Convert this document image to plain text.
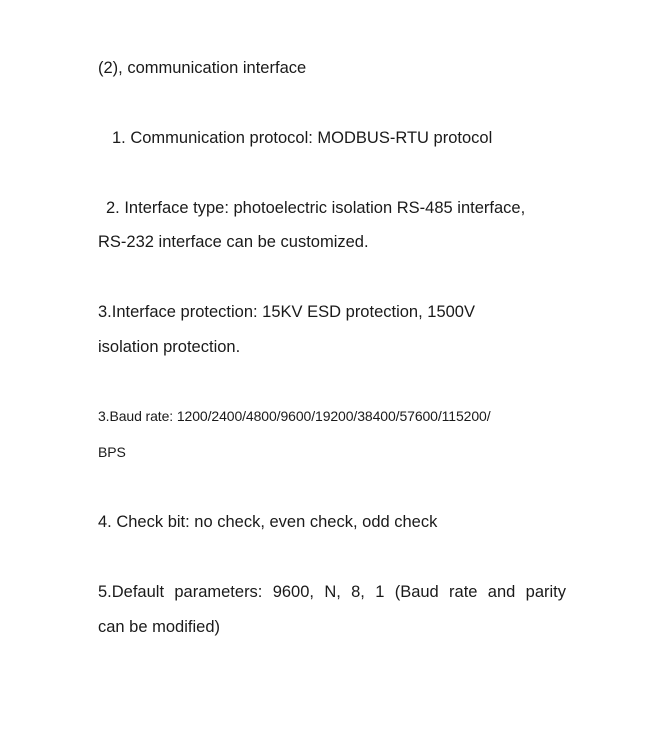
(2), communication interface
1. Communication protocol: MODBUS-RTU protocol
2. Interface type: photoelectric isolation RS-485 interface,
RS-232 interface can be customized.
3.Interface protection: 15KV ESD protection, 1500V
isolation protection.
3.Baud rate: 1200/2400/4800/9600/19200/38400/57600/115200/
BPS
4. Check bit: no check, even check, odd check
5.Default parameters: 9600, N, 8, 1 (Baud rate and parity
can be modified)
